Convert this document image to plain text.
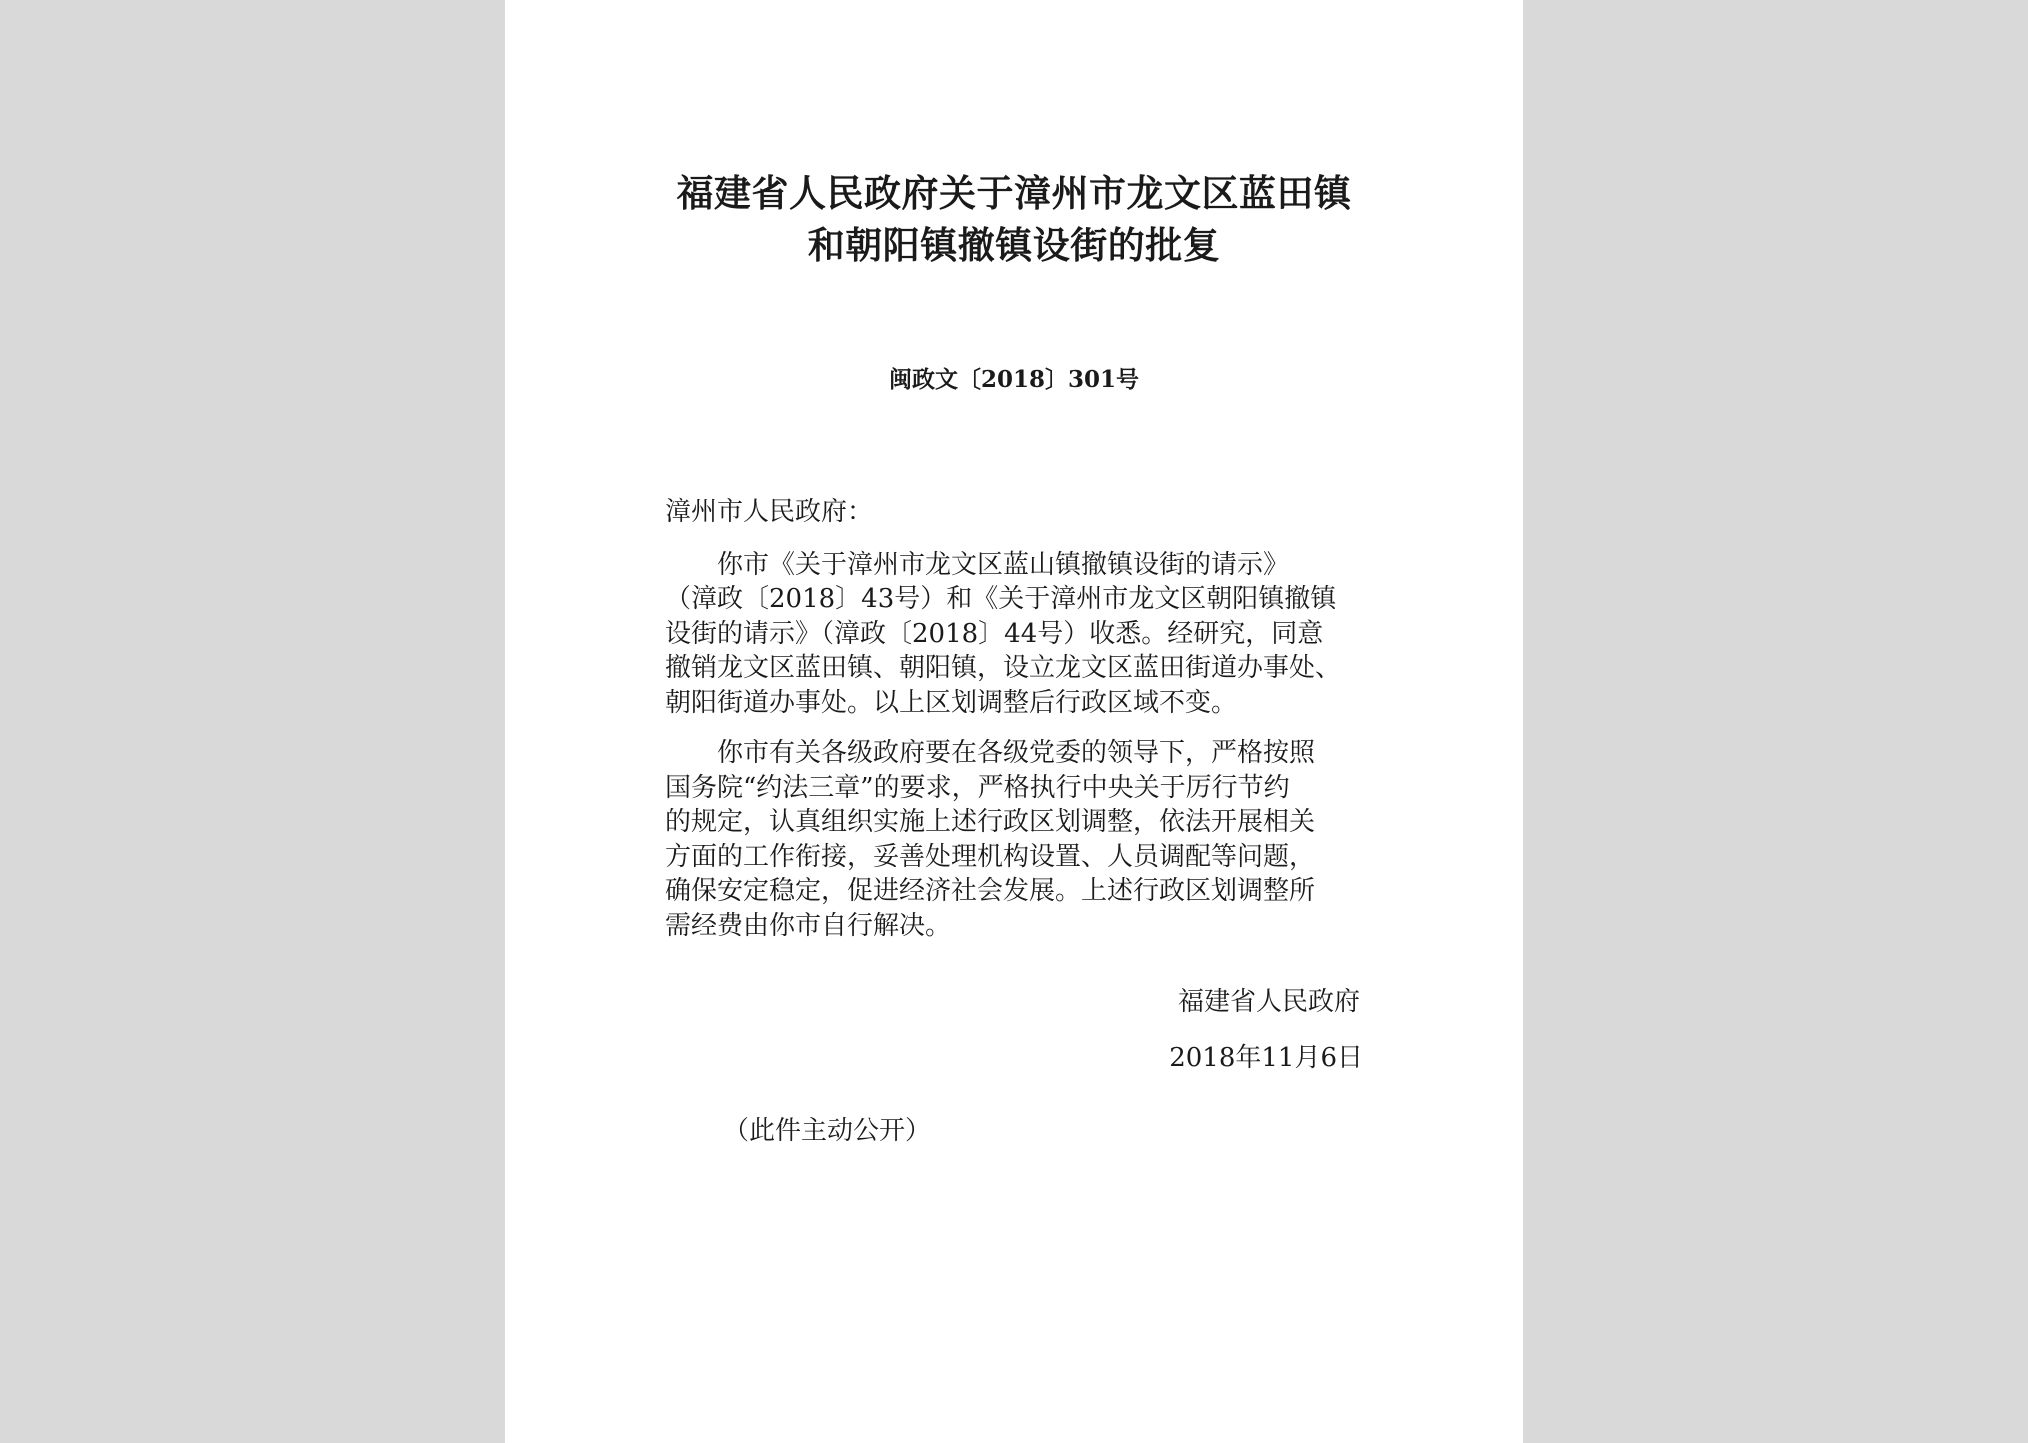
福建省人民政府关于漳州市龙文区蓝田镇
和朝阳镇撤镇设街的批复
闽政文〔2018〕301号
漳州市人民政府：
你市《关于漳州市龙文区蓝山镇撤镇设街的请示》
（漳政〔2018〕43号）和《关于漳州市龙文区朝阳镇撤镇
设街的请示》（漳政〔2018〕44号）收悉。经研究，同意
撤销龙文区蓝田镇、朝阳镇，设立龙文区蓝田街道办事处、
朝阳街道办事处。以上区划调整后行政区域不变。
你市有关各级政府要在各级党委的领导下，严格按照
国务院“约法三章”的要求，严格执行中央关于厉行节约
的规定，认真组织实施上述行政区划调整，依法开展相关
方面的工作衔接，妥善处理机构设置、人员调配等问题，
确保安定稳定，促进经济社会发展。上述行政区划调整所
需经费由你市自行解决。
福建省人民政府
2018年11月6日
（此件主动公开）
